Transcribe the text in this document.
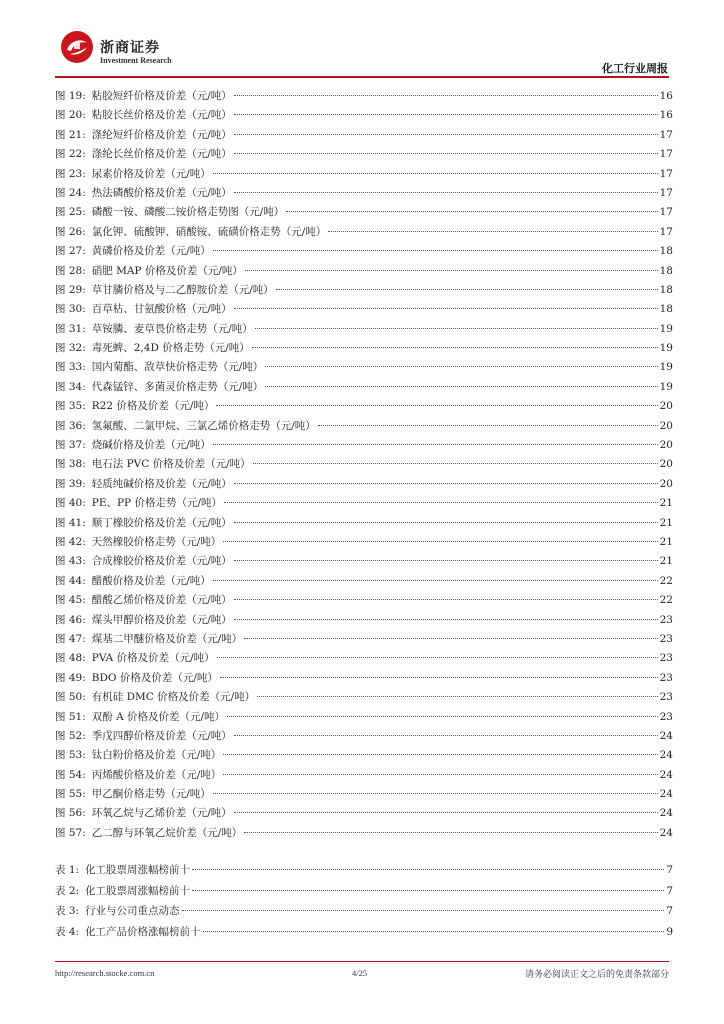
浙商证券
Investment Research
化工行业周报
图 19: 粘胶短纤价格及价差（元/吨）	16
图 20: 粘胶长丝价格及价差（元/吨）	16
图 21: 涤纶短纤价格及价差（元/吨）	17
图 22: 涤纶长丝价格及价差（元/吨）	17
图 23: 尿素价格及价差（元/吨）	17
图 24: 热法磷酸价格及价差（元/吨）	17
图 25: 磷酸一铵、磷酸二铵价格走势图（元/吨）	17
图 26: 氯化钾、硫酸钾、硝酸铵、硫磺价格走势（元/吨）	17
图 27: 黄磷价格及价差（元/吨）	18
图 28: 硝肥 MAP 价格及价差（元/吨）	18
图 29: 草甘膦价格及与二乙醇胺价差（元/吨）	18
图 30: 百草枯、甘氨酸价格（元/吨）	18
图 31: 草铵膦、麦草畏价格走势（元/吨）	19
图 32: 毒死蜱、2,4D 价格走势（元/吨）	19
图 33: 国内菊酯、敌草快价格走势（元/吨）	19
图 34: 代森锰锌、多菌灵价格走势（元/吨）	19
图 35: R22 价格及价差（元/吨）	20
图 36: 氢氟酸、二氯甲烷、三氯乙烯价格走势（元/吨）	20
图 37: 烧碱价格及价差（元/吨）	20
图 38: 电石法 PVC 价格及价差（元/吨）	20
图 39: 轻质纯碱价格及价差（元/吨）	20
图 40: PE、PP 价格走势（元/吨）	21
图 41: 顺丁橡胶价格及价差（元/吨）	21
图 42: 天然橡胶价格走势（元/吨）	21
图 43: 合成橡胶价格及价差（元/吨）	21
图 44: 醋酸价格及价差（元/吨）	22
图 45: 醋酸乙烯价格及价差（元/吨）	22
图 46: 煤头甲醇价格及价差（元/吨）	23
图 47: 煤基二甲醚价格及价差（元/吨）	23
图 48: PVA 价格及价差（元/吨）	23
图 49: BDO 价格及价差（元/吨）	23
图 50: 有机硅 DMC 价格及价差（元/吨）	23
图 51: 双酚 A 价格及价差（元/吨）	23
图 52: 季戊四醇价格及价差（元/吨）	24
图 53: 钛白粉价格及价差（元/吨）	24
图 54: 丙烯酸价格及价差（元/吨）	24
图 55: 甲乙酮价格走势（元/吨）	24
图 56: 环氧乙烷与乙烯价差（元/吨）	24
图 57: 乙二醇与环氧乙烷价差（元/吨）	24
表 1: 化工股票周涨幅榜前十	7
表 2: 化工股票周涨幅榜前十	7
表 3: 行业与公司重点动态	7
表 4: 化工产品价格涨幅榜前十	9
http://research.stocke.com.cn	4/25	请务必阅读正文之后的免责条款部分
